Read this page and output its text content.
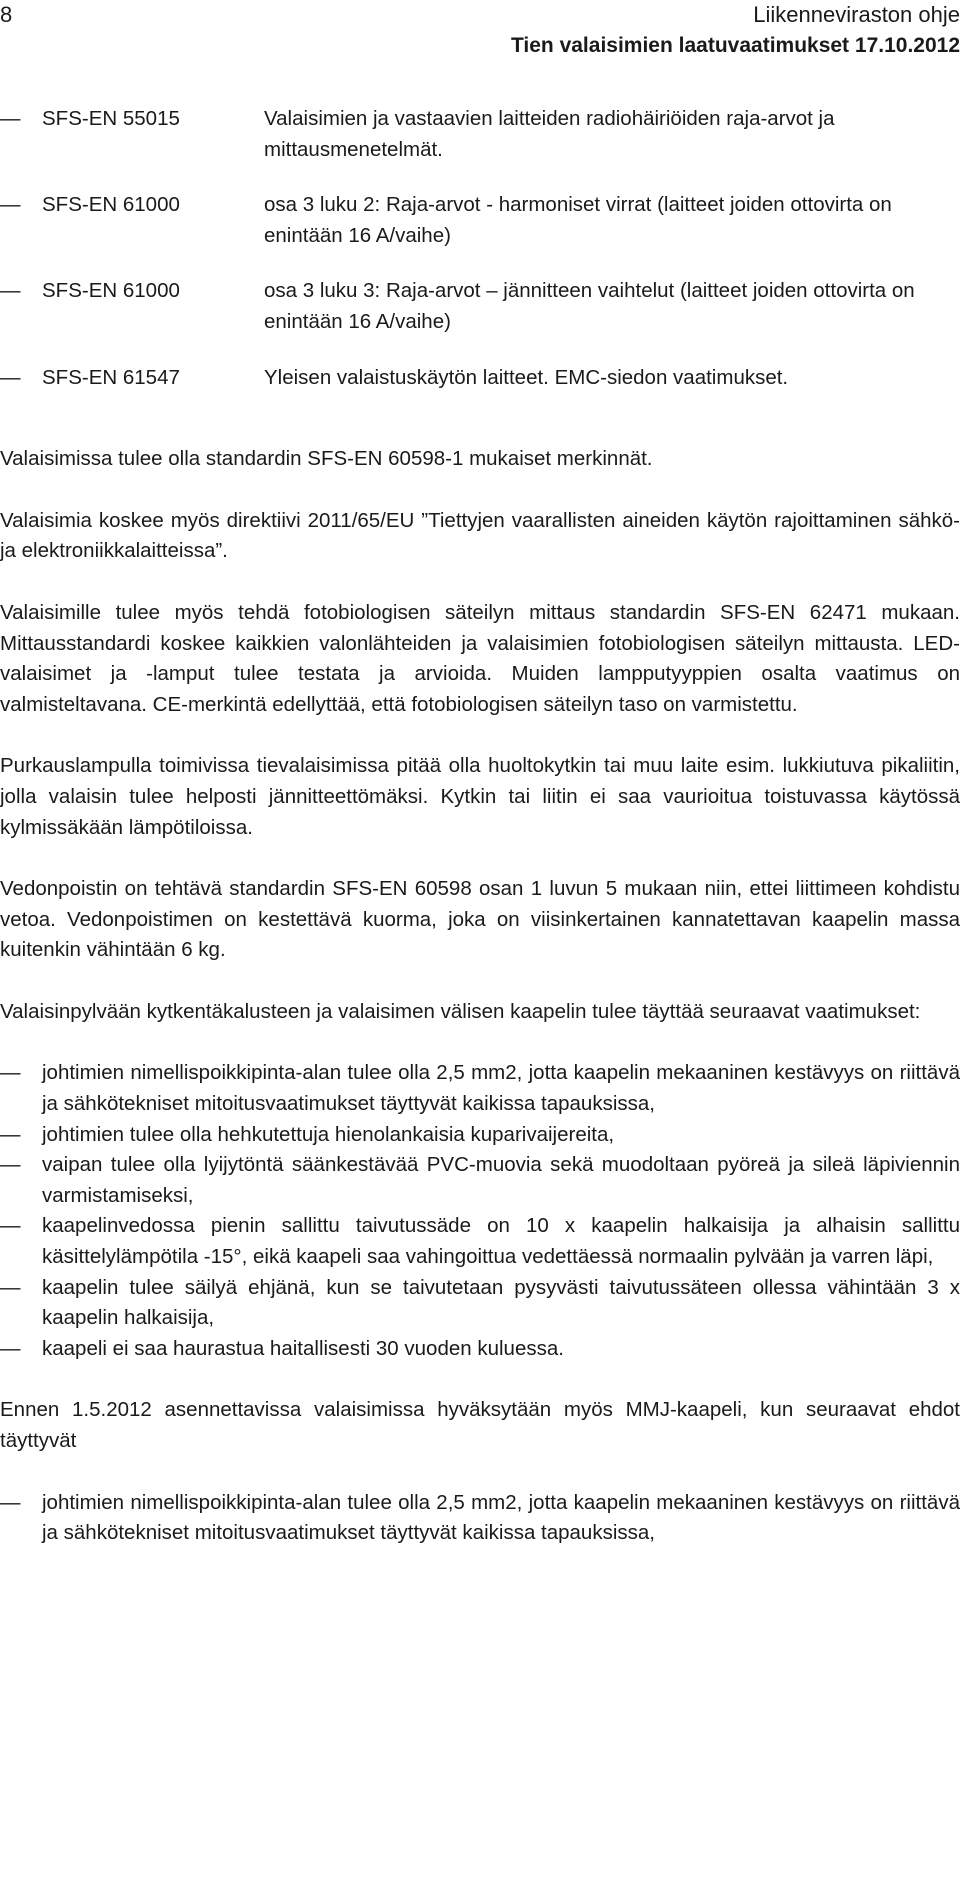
8	Liikenneviraston ohje
Tien valaisimien laatuvaatimukset 17.10.2012
—	SFS-EN 55015	Valaisimien ja vastaavien laitteiden radiohäiriöiden raja-arvot ja mittausmenetelmät.
—	SFS-EN 61000	osa 3 luku 2: Raja-arvot - harmoniset virrat (laitteet joiden ottovirta on enintään 16 A/vaihe)
—	SFS-EN 61000	osa 3 luku 3: Raja-arvot – jännitteen vaihtelut (laitteet joiden ottovirta on enintään 16 A/vaihe)
—	SFS-EN 61547	Yleisen valaistuskäytön laitteet. EMC-siedon vaatimukset.

Valaisimissa tulee olla standardin SFS-EN 60598-1 mukaiset merkinnät.

Valaisimia koskee myös direktiivi 2011/65/EU ”Tiettyjen vaarallisten aineiden käytön rajoittaminen sähkö- ja elektroniikkalaitteissa”.

Valaisimille tulee myös tehdä fotobiologisen säteilyn mittaus standardin SFS-EN 62471 mukaan. Mittausstandardi koskee kaikkien valonlähteiden ja valaisimien fotobiologisen säteilyn mittausta. LED-valaisimet ja -lamput tulee testata ja arvioida. Muiden lampputyyppien osalta vaatimus on valmisteltavana. CE-merkintä edellyttää, että fotobiologisen säteilyn taso on varmistettu.

Purkauslampulla toimivissa tievalaisimissa pitää olla huoltokytkin tai muu laite esim. lukkiutuva pikaliitin, jolla valaisin tulee helposti jännitteettömäksi. Kytkin tai liitin ei saa vaurioitua toistuvassa käytössä kylmissäkään lämpötiloissa.

Vedonpoistin on tehtävä standardin SFS-EN 60598 osan 1 luvun 5 mukaan niin, ettei liittimeen kohdistu vetoa. Vedonpoistimen on kestettävä kuorma, joka on viisinkertainen kannatettavan kaapelin massa kuitenkin vähintään 6 kg.

Valaisinpylvään kytkentäkalusteen ja valaisimen välisen kaapelin tulee täyttää seuraavat vaatimukset:

—	johtimien nimellispoikkipinta-alan tulee olla 2,5 mm2, jotta kaapelin mekaaninen kestävyys on riittävä ja sähkötekniset mitoitusvaatimukset täyttyvät kaikissa tapauksissa,
—	johtimien tulee olla hehkutettuja hienolankaisia kuparivaijereita,
—	vaipan tulee olla lyijytöntä säänkestävää PVC-muovia sekä muodoltaan pyöreä ja sileä läpiviennin varmistamiseksi,
—	kaapelinvedossa pienin sallittu taivutussäde on 10 x kaapelin halkaisija ja alhaisin sallittu käsittelylämpötila -15°, eikä kaapeli saa vahingoittua vedettäessä normaalin pylvään ja varren läpi,
—	kaapelin tulee säilyä ehjänä, kun se taivutetaan pysyvästi taivutussäteen ollessa vähintään 3 x kaapelin halkaisija,
—	kaapeli ei saa haurastua haitallisesti 30 vuoden kuluessa.

Ennen 1.5.2012 asennettavissa valaisimissa hyväksytään myös MMJ-kaapeli, kun seuraavat ehdot täyttyvät

—	johtimien nimellispoikkipinta-alan tulee olla 2,5 mm2, jotta kaapelin mekaaninen kestävyys on riittävä ja sähkötekniset mitoitusvaatimukset täyttyvät kaikissa tapauksissa,
